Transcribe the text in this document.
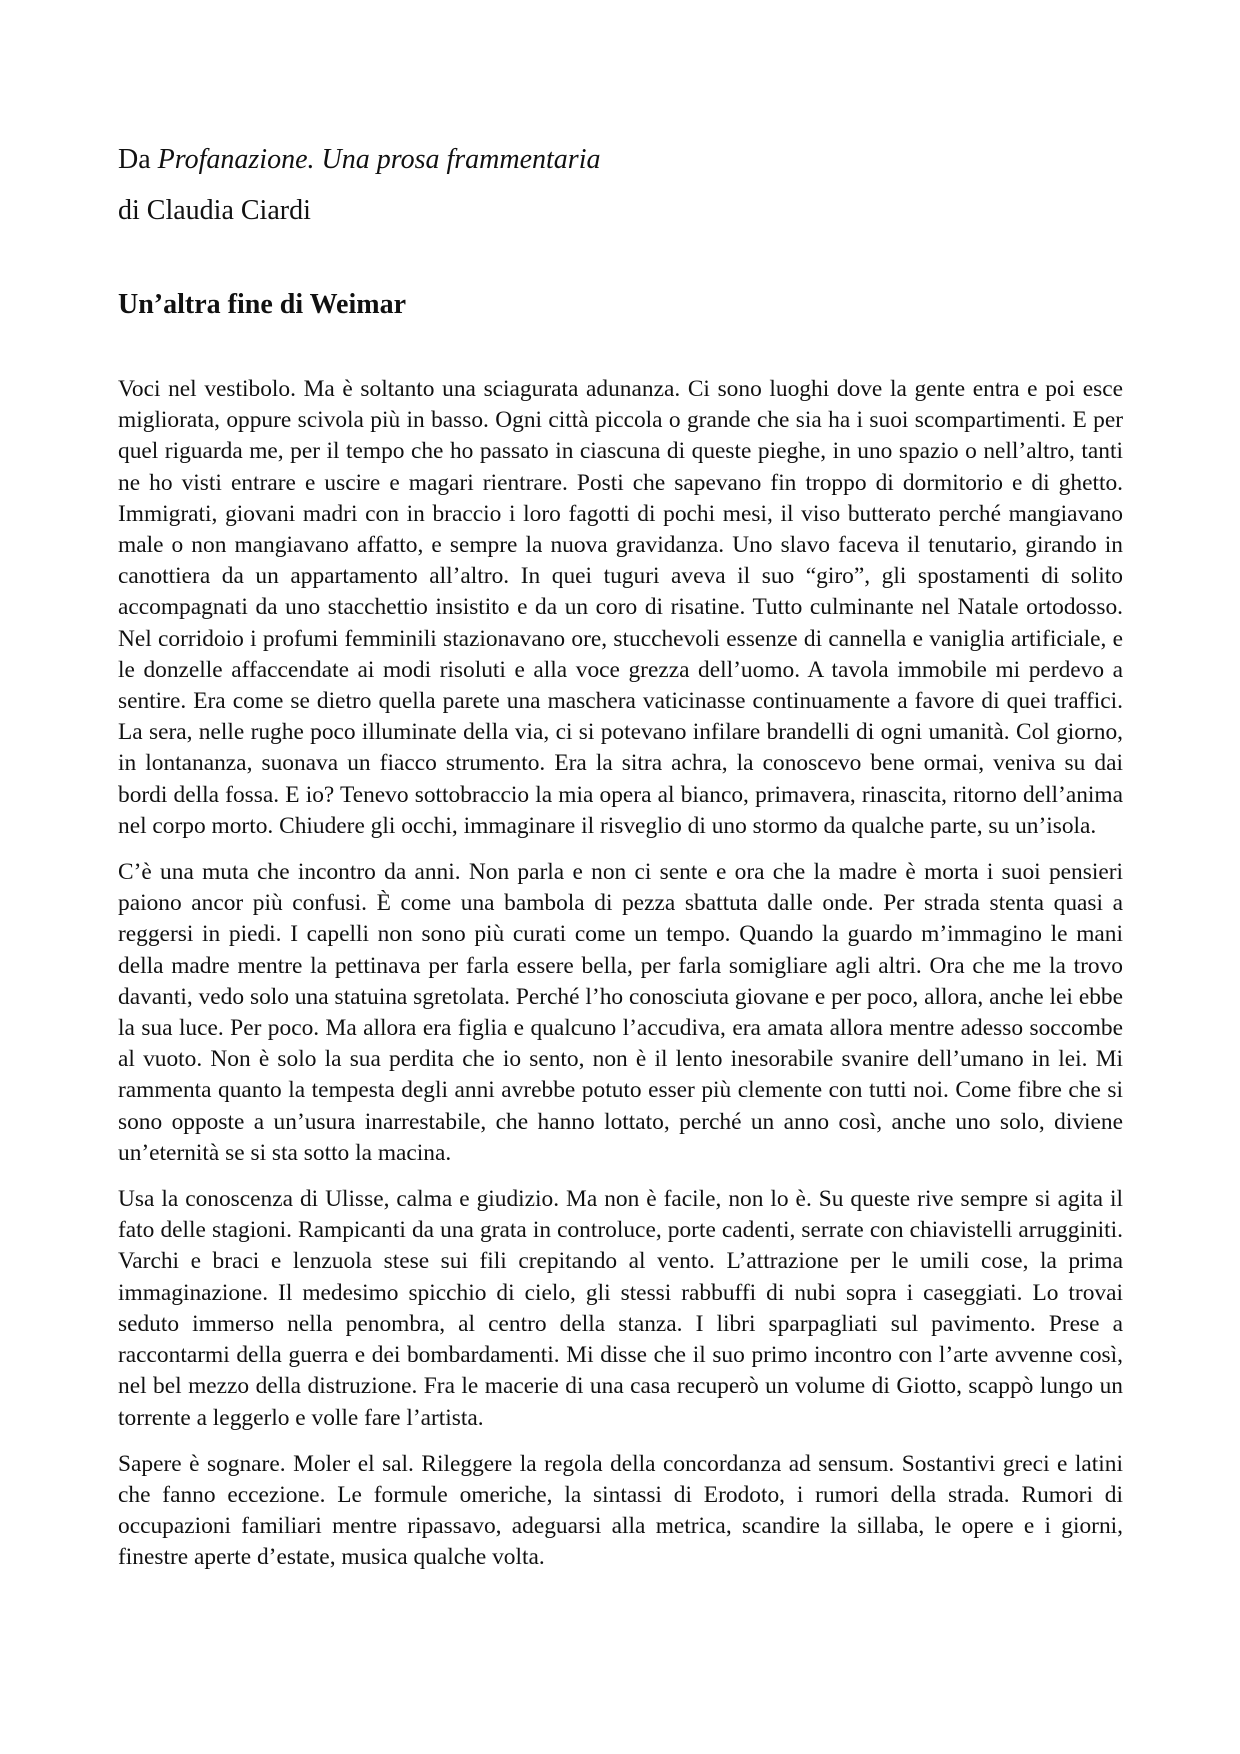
Da Profanazione. Una prosa frammentaria

di Claudia Ciardi

Un’altra fine di Weimar

Voci nel vestibolo. Ma è soltanto una sciagurata adunanza. Ci sono luoghi dove la gente entra e poi esce migliorata, oppure scivola più in basso. Ogni città piccola o grande che sia ha i suoi scompartimenti. E per quel riguarda me, per il tempo che ho passato in ciascuna di queste pieghe, in uno spazio o nell’altro, tanti ne ho visti entrare e uscire e magari rientrare. Posti che sapevano fin troppo di dormitorio e di ghetto. Immigrati, giovani madri con in braccio i loro fagotti di pochi mesi, il viso butterato perché mangiavano male o non mangiavano affatto, e sempre la nuova gravidanza. Uno slavo faceva il tenutario, girando in canottiera da un appartamento all’altro. In quei tuguri aveva il suo “giro”, gli spostamenti di solito accompagnati da uno stacchettio insistito e da un coro di risatine. Tutto culminante nel Natale ortodosso. Nel corridoio i profumi femminili stazionavano ore, stucchevoli essenze di cannella e vaniglia artificiale, e le donzelle affaccendate ai modi risoluti e alla voce grezza dell’uomo. A tavola immobile mi perdevo a sentire. Era come se dietro quella parete una maschera vaticinasse continuamente a favore di quei traffici. La sera, nelle rughe poco illuminate della via, ci si potevano infilare brandelli di ogni umanità. Col giorno, in lontananza, suonava un fiacco strumento. Era la sitra achra, la conoscevo bene ormai, veniva su dai bordi della fossa. E io? Tenevo sottobraccio la mia opera al bianco, primavera, rinascita, ritorno dell’anima nel corpo morto. Chiudere gli occhi, immaginare il risveglio di uno stormo da qualche parte, su un’isola.

C’è una muta che incontro da anni. Non parla e non ci sente e ora che la madre è morta i suoi pensieri paiono ancor più confusi. È come una bambola di pezza sbattuta dalle onde. Per strada stenta quasi a reggersi in piedi. I capelli non sono più curati come un tempo. Quando la guardo m’immagino le mani della madre mentre la pettinava per farla essere bella, per farla somigliare agli altri. Ora che me la trovo davanti, vedo solo una statuina sgretolata. Perché l’ho conosciuta giovane e per poco, allora, anche lei ebbe la sua luce. Per poco. Ma allora era figlia e qualcuno l’accudiva, era amata allora mentre adesso soccombe al vuoto. Non è solo la sua perdita che io sento, non è il lento inesorabile svanire dell’umano in lei. Mi rammenta quanto la tempesta degli anni avrebbe potuto esser più clemente con tutti noi. Come fibre che si sono opposte a un’usura inarrestabile, che hanno lottato, perché un anno così, anche uno solo, diviene un’eternità se si sta sotto la macina.

Usa la conoscenza di Ulisse, calma e giudizio. Ma non è facile, non lo è. Su queste rive sempre si agita il fato delle stagioni. Rampicanti da una grata in controluce, porte cadenti, serrate con chiavistelli arrugginiti. Varchi e braci e lenzuola stese sui fili crepitando al vento. L’attrazione per le umili cose, la prima immaginazione. Il medesimo spicchio di cielo, gli stessi rabbuffi di nubi sopra i caseggiati. Lo trovai seduto immerso nella penombra, al centro della stanza. I libri sparpagliati sul pavimento. Prese a raccontarmi della guerra e dei bombardamenti. Mi disse che il suo primo incontro con l’arte avvenne così, nel bel mezzo della distruzione. Fra le macerie di una casa recuperò un volume di Giotto, scappò lungo un torrente a leggerlo e volle fare l’artista.

Sapere è sognare. Moler el sal. Rileggere la regola della concordanza ad sensum. Sostantivi greci e latini che fanno eccezione. Le formule omeriche, la sintassi di Erodoto, i rumori della strada. Rumori di occupazioni familiari mentre ripassavo, adeguarsi alla metrica, scandire la sillaba, le opere e i giorni, finestre aperte d’estate, musica qualche volta.
